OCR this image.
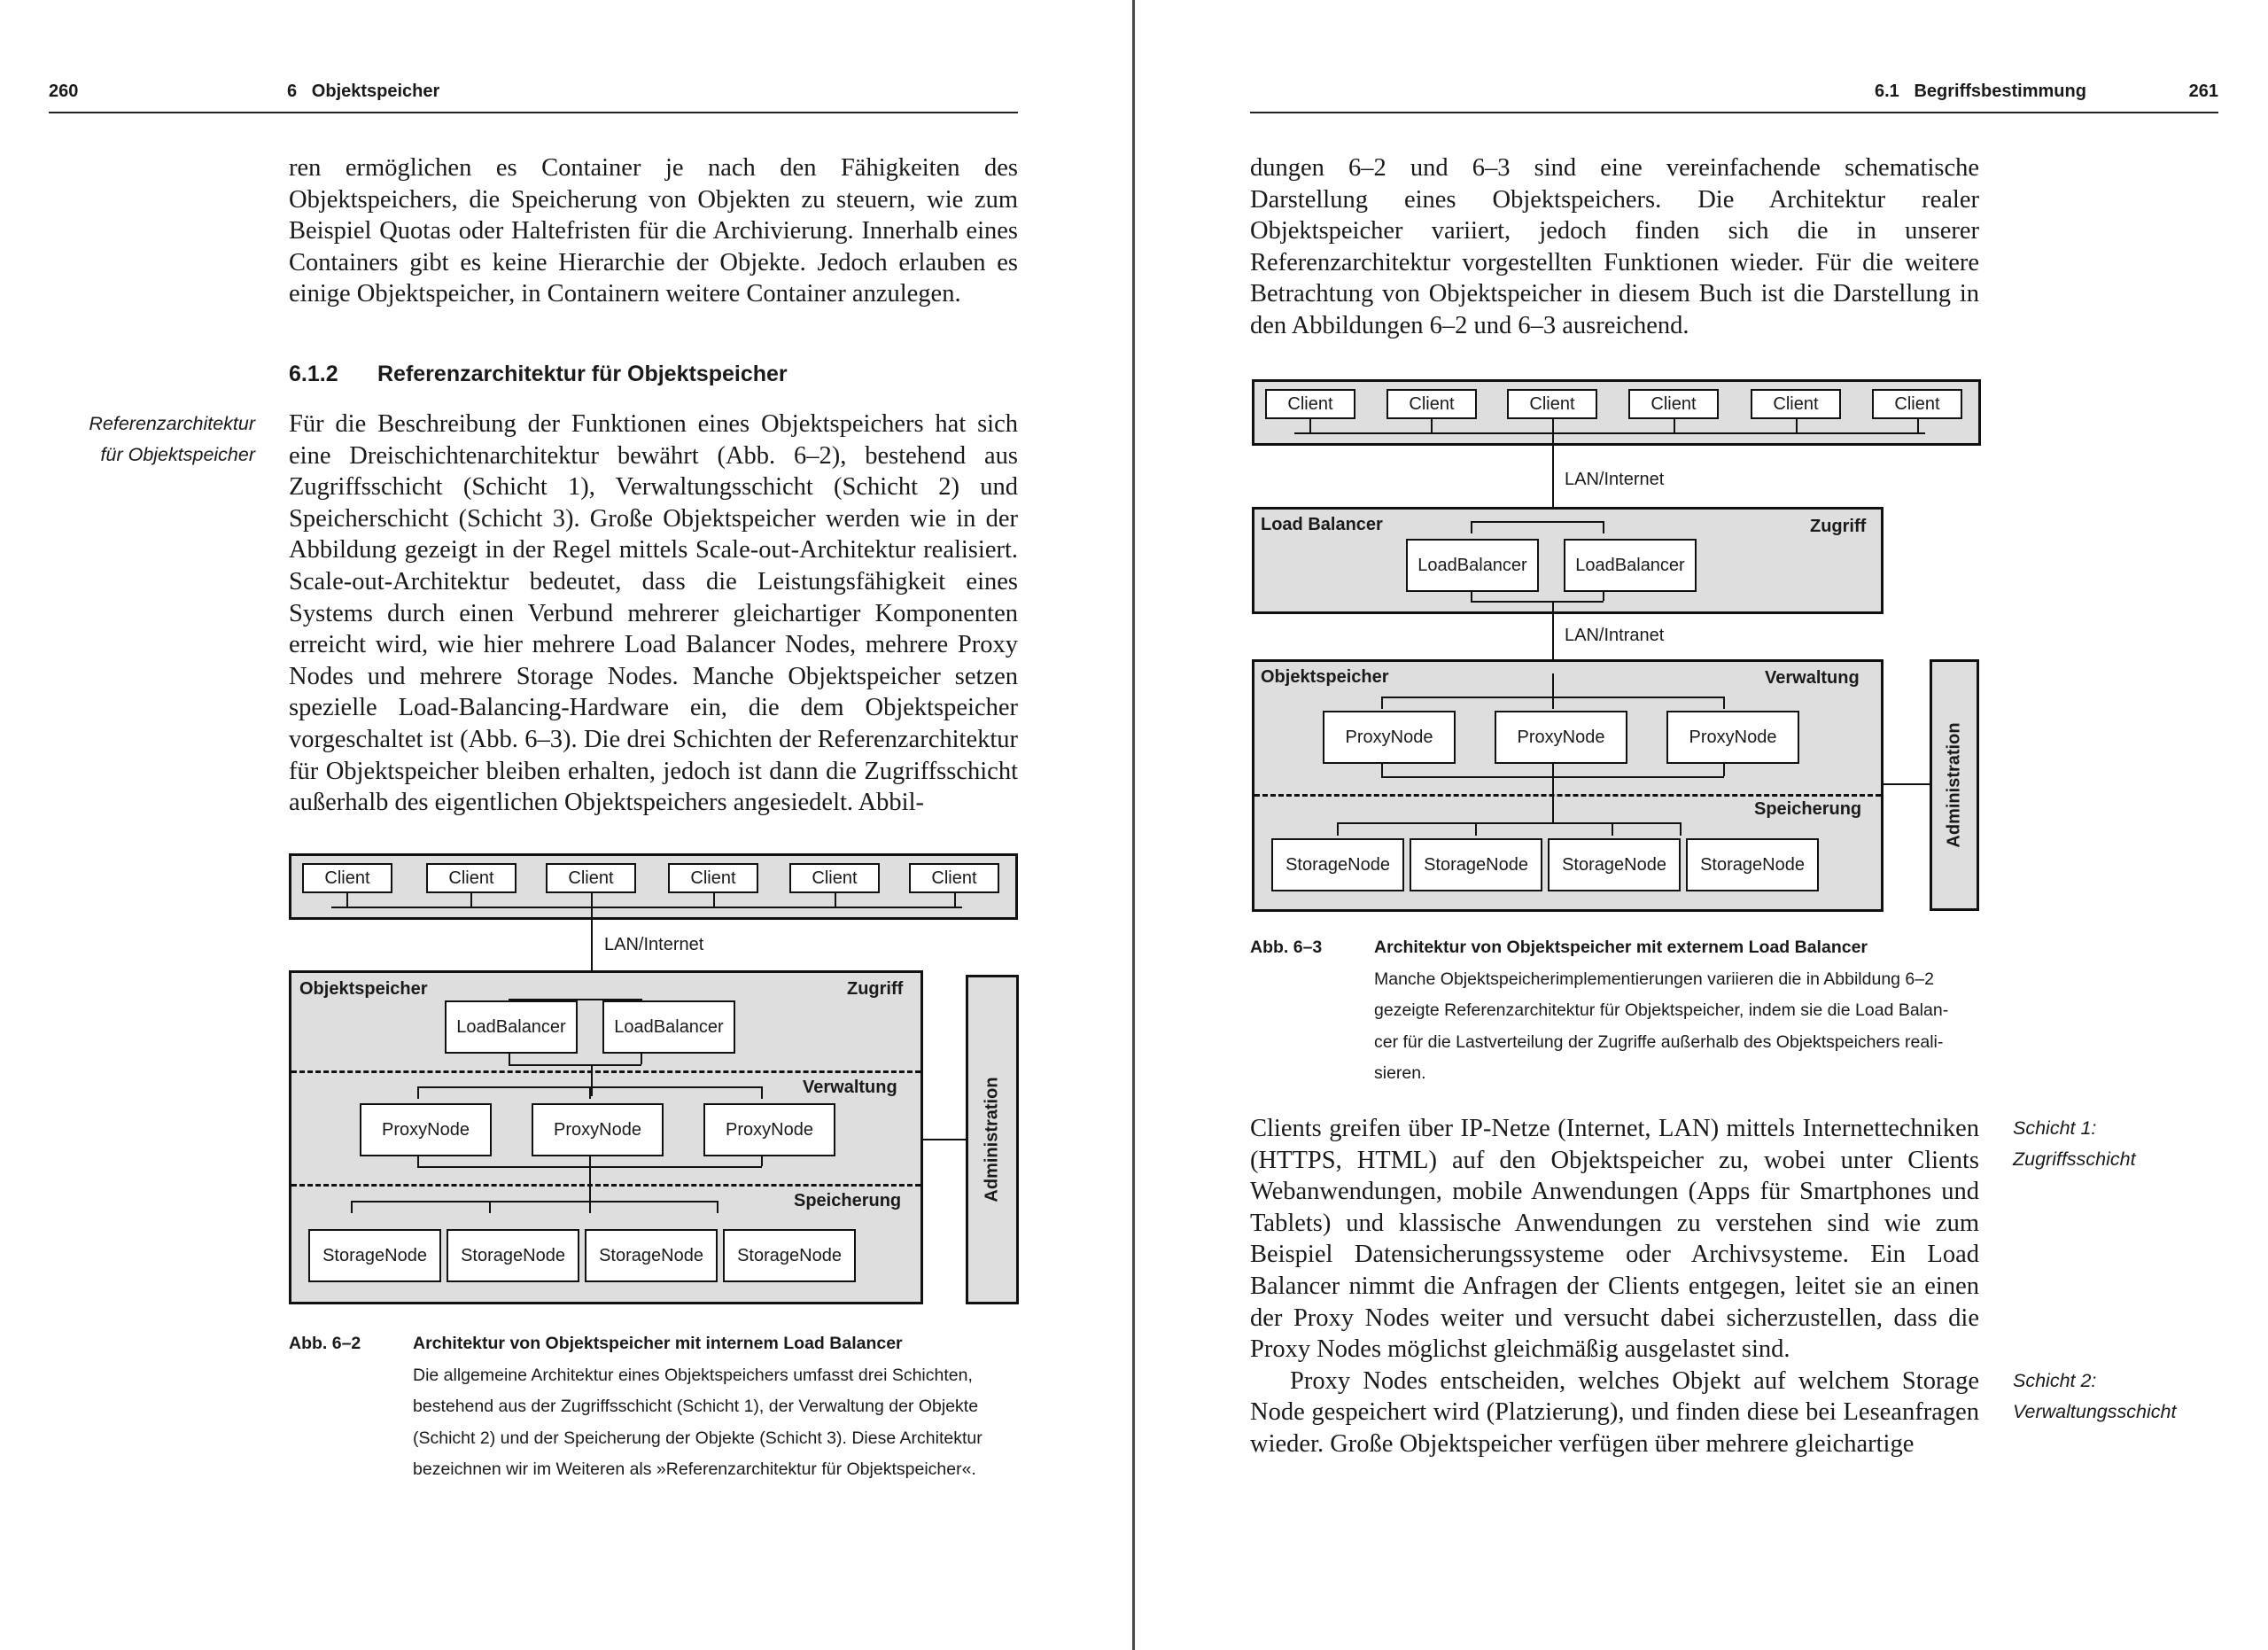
260	6   Objektspeicher

ren ermöglichen es Container je nach den Fähigkeiten des Objektspeichers, die Speicherung von Objekten zu steuern, wie zum Beispiel Quotas oder Haltefristen für die Archivierung. Innerhalb eines Containers gibt es keine Hierarchie der Objekte. Jedoch erlauben es einige Objektspeicher, in Containern weitere Container anzulegen.

6.1.2 Referenzarchitektur für Objektspeicher
Referenzarchitektur
für Objektspeicher

Für die Beschreibung der Funktionen eines Objektspeichers hat sich eine Dreischichtenarchitektur bewährt (Abb. 6–2), bestehend aus Zugriffsschicht (Schicht 1), Verwaltungsschicht (Schicht 2) und Speicherschicht (Schicht 3). Große Objektspeicher werden wie in der Abbildung gezeigt in der Regel mittels Scale-out-Architektur realisiert. Scale-out-Architektur bedeutet, dass die Leistungsfähigkeit eines Systems durch einen Verbund mehrerer gleichartiger Komponenten erreicht wird, wie hier mehrere Load Balancer Nodes, mehrere Proxy Nodes und mehrere Storage Nodes. Manche Objektspeicher setzen spezielle Load-Balancing-Hardware ein, die dem Objektspeicher vorgeschaltet ist (Abb. 6–3). Die drei Schichten der Referenzarchitektur für Objektspeicher bleiben erhalten, jedoch ist dann die Zugriffsschicht außerhalb des eigentlichen Objektspeichers angesiedelt. Abbil-

Client	Client	Client	Client	Client	Client
LAN/Internet
Objektspeicher	Zugriff
Load Balancer	Load Balancer
Verwaltung
Proxy Node	Proxy Node	Proxy Node
Speicherung
Storage Node Storage Node Storage Node Storage Node
Administration
Abb. 6–2	Architektur von Objektspeicher mit internem Load Balancer
Die allgemeine Architektur eines Objektspeichers umfasst drei Schichten,
bestehend aus der Zugriffsschicht (Schicht 1), der Verwaltung der Objekte
(Schicht 2) und der Speicherung der Objekte (Schicht 3). Diese Architektur
bezeichnen wir im Weiteren als »Referenzarchitektur für Objektspeicher«.
6.1   Begriffsbestimmung	261

dungen 6–2 und 6–3 sind eine vereinfachende schematische Darstellung eines Objektspeichers. Die Architektur realer Objektspeicher variiert, jedoch finden sich die in unserer Referenzarchitektur vorgestellten Funktionen wieder. Für die weitere Betrachtung von Objektspeicher in diesem Buch ist die Darstellung in den Abbildungen 6–2 und 6–3 ausreichend.

Client	Client	Client	Client	Client	Client
LAN/Internet
Load Balancer	Zugriff
Load Balancer	Load Balancer
LAN/Intranet
Objektspeicher	Verwaltung
Proxy Node	Proxy Node	Proxy Node
Speicherung
Storage Node Storage Node Storage Node Storage Node
Administration
Abb. 6–3	Architektur von Objektspeicher mit externem Load Balancer
Manche Objektspeicherimplementierungen variieren die in Abbildung 6–2
gezeigte Referenzarchitektur für Objektspeicher, indem sie die Load Balan-
cer für die Lastverteilung der Zugriffe außerhalb des Objektspeichers reali-
sieren.

Clients greifen über IP-Netze (Internet, LAN) mittels Internettechniken (HTTPS, HTML) auf den Objektspeicher zu, wobei unter Clients Webanwendungen, mobile Anwendungen (Apps für Smartphones und Tablets) und klassische Anwendungen zu verstehen sind wie zum Beispiel Datensicherungssysteme oder Archivsysteme. Ein Load Balancer nimmt die Anfragen der Clients entgegen, leitet sie an einen der Proxy Nodes weiter und versucht dabei sicherzustellen, dass die Proxy Nodes möglichst gleichmäßig ausgelastet sind.

Proxy Nodes entscheiden, welches Objekt auf welchem Storage Node gespeichert wird (Platzierung), und finden diese bei Leseanfragen wieder. Große Objektspeicher verfügen über mehrere gleichartige

Schicht 1:
Zugriffsschicht
Schicht 2:
Verwaltungsschicht
